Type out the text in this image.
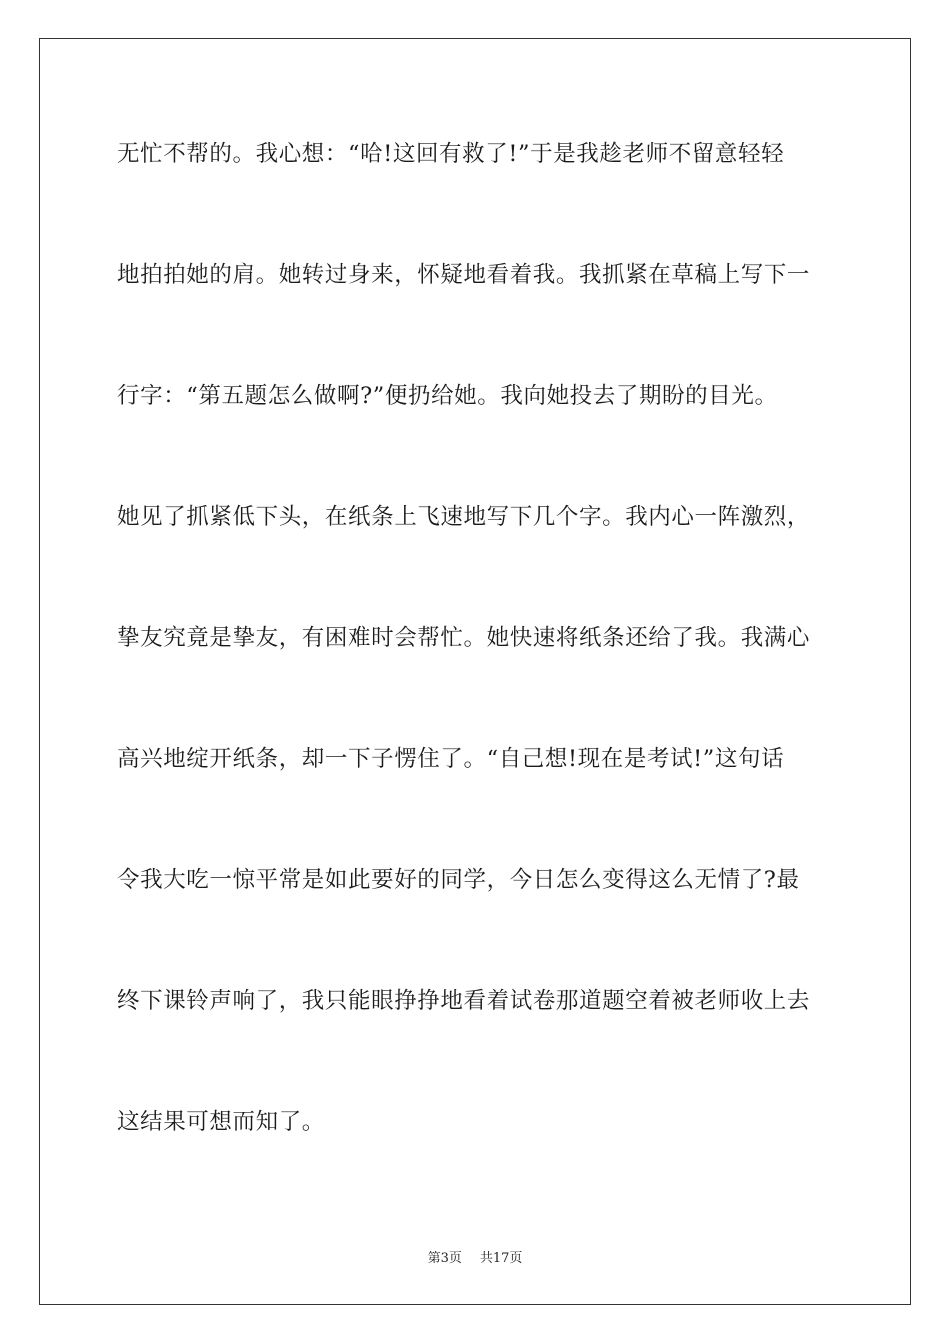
无忙不帮的。我心想：“哈!这回有救了!”于是我趁老师不留意轻轻
地拍拍她的肩。她转过身来，怀疑地看着我。我抓紧在草稿上写下一
行字：“第五题怎么做啊?”便扔给她。我向她投去了期盼的目光。
她见了抓紧低下头，在纸条上飞速地写下几个字。我内心一阵激烈，
挚友究竟是挚友，有困难时会帮忙。她快速将纸条还给了我。我满心
高兴地绽开纸条，却一下子愣住了。“自己想!现在是考试!”这句话
令我大吃一惊平常是如此要好的同学，今日怎么变得这么无情了?最
终下课铃声响了，我只能眼挣挣地看着试卷那道题空着被老师收上去
这结果可想而知了。
第3页 共17页
